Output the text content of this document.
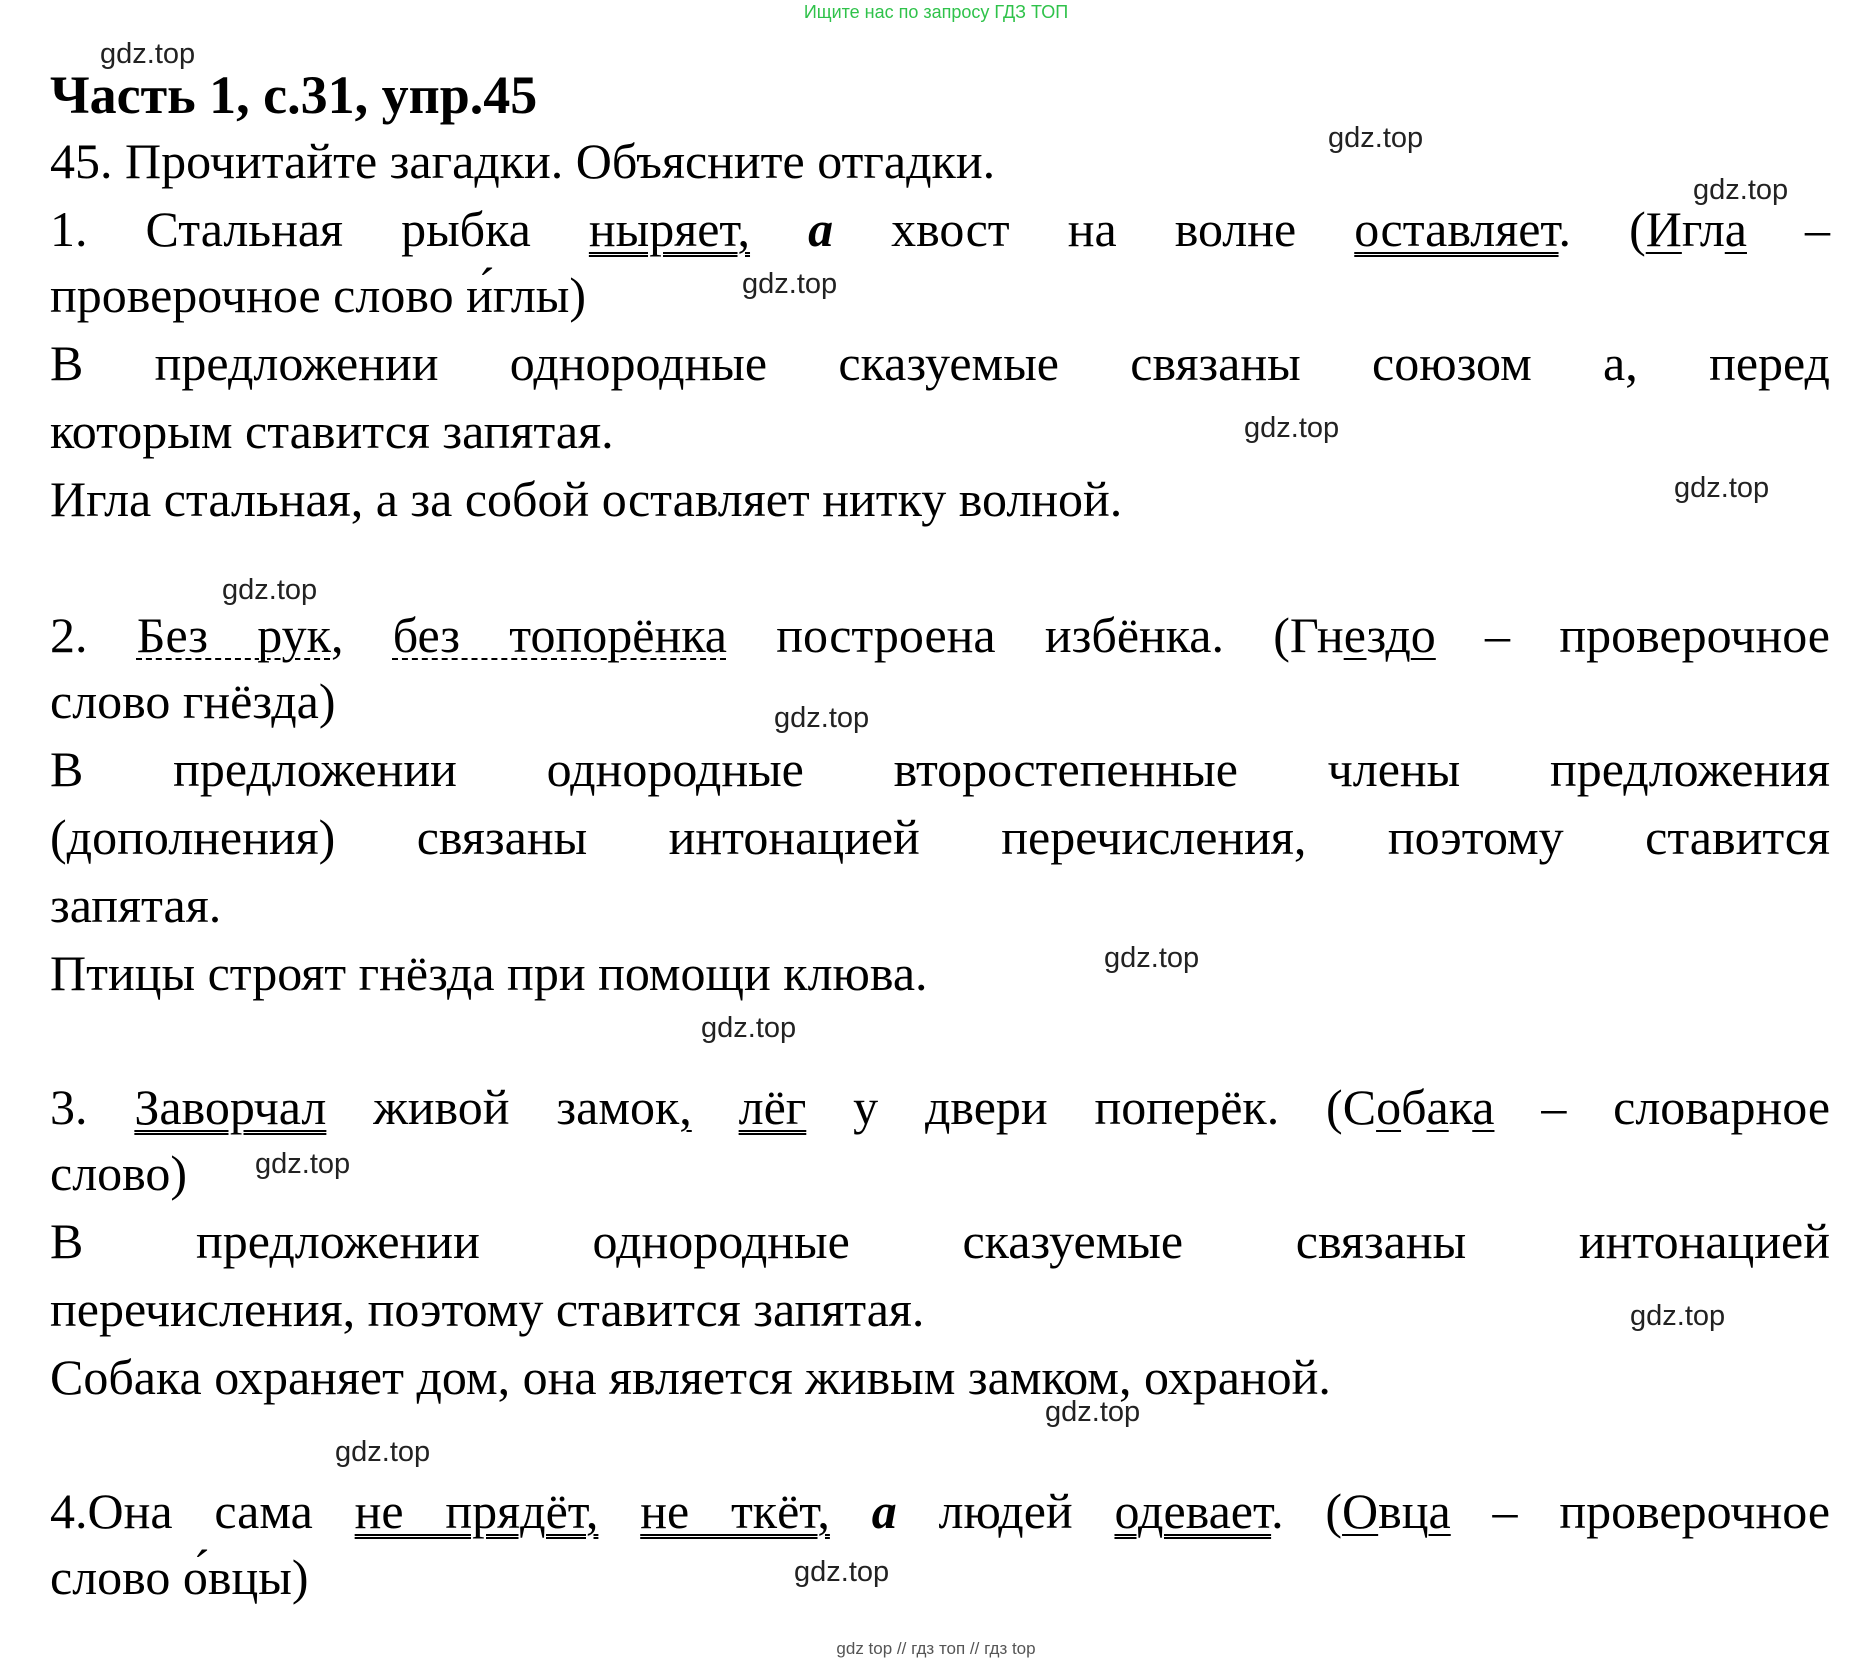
Ищите нас по запросу ГДЗ ТОП
gdz.top
gdz.top
gdz.top
gdz.top
gdz.top
gdz.top
gdz.top
gdz.top
gdz.top
gdz.top
gdz.top
gdz.top
gdz.top
gdz.top
gdz.top
Часть 1, с.31, упр.45
45. Прочитайте загадки. Объясните отгадки.
1. Стальная рыбка ныряет, а хвост на волне оставляет. (Игла –
проверочное слово и́глы)
В предложении однородные сказуемые связаны союзом а, перед
которым ставится запятая.
Игла стальная, а за собой оставляет нитку волной.
2. Без рук, без топорёнка построена избёнка. (Гнездо – проверочное
слово гнёзда)
В предложении однородные второстепенные члены предложения
(дополнения) связаны интонацией перечисления, поэтому ставится
запятая.
Птицы строят гнёзда при помощи клюва.
3. Заворчал живой замок, лёг у двери поперёк. (Собака – словарное
слово)
В предложении однородные сказуемые связаны интонацией
перечисления, поэтому ставится запятая.
Собака охраняет дом, она является живым замком, охраной.
4.Она сама не прядёт, не ткёт, а людей одевает. (Овца – проверочное
слово о́вцы)
gdz top // гдз топ // гдз top
